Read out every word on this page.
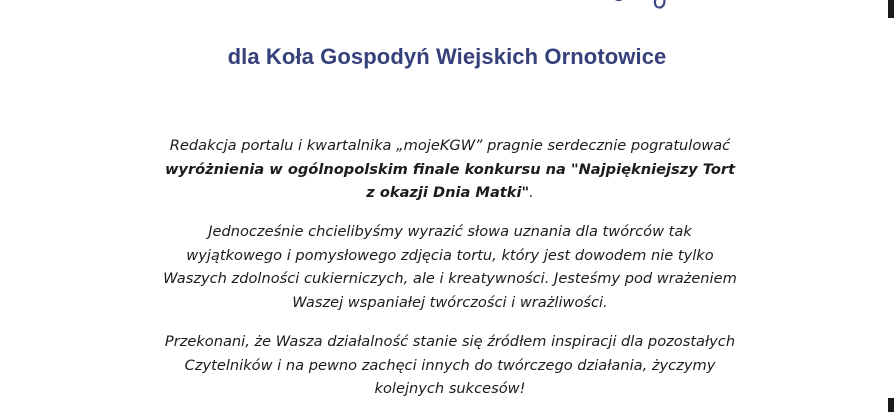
dla Koła Gospodyń Wiejskich Ornotowice

Redakcja portalu i kwartalnika „mojeKGW” pragnie serdecznie pogratulować

wyróżnienia w ogólnopolskim finale konkursu na "Najpiękniejszy Tort

z okazji Dnia Matki".

Jednocześnie chcielibyśmy wyrazić słowa uznania dla twórców tak

wyjątkowego i pomysłowego zdjęcia tortu, który jest dowodem nie tylko

Waszych zdolności cukierniczych, ale i kreatywności. Jesteśmy pod wrażeniem

Waszej wspaniałej twórczości i wrażliwości.

Przekonani, że Wasza działalność stanie się źródłem inspiracji dla pozostałych

Czytelników i na pewno zachęci innych do twórczego działania, życzymy

kolejnych sukcesów!
